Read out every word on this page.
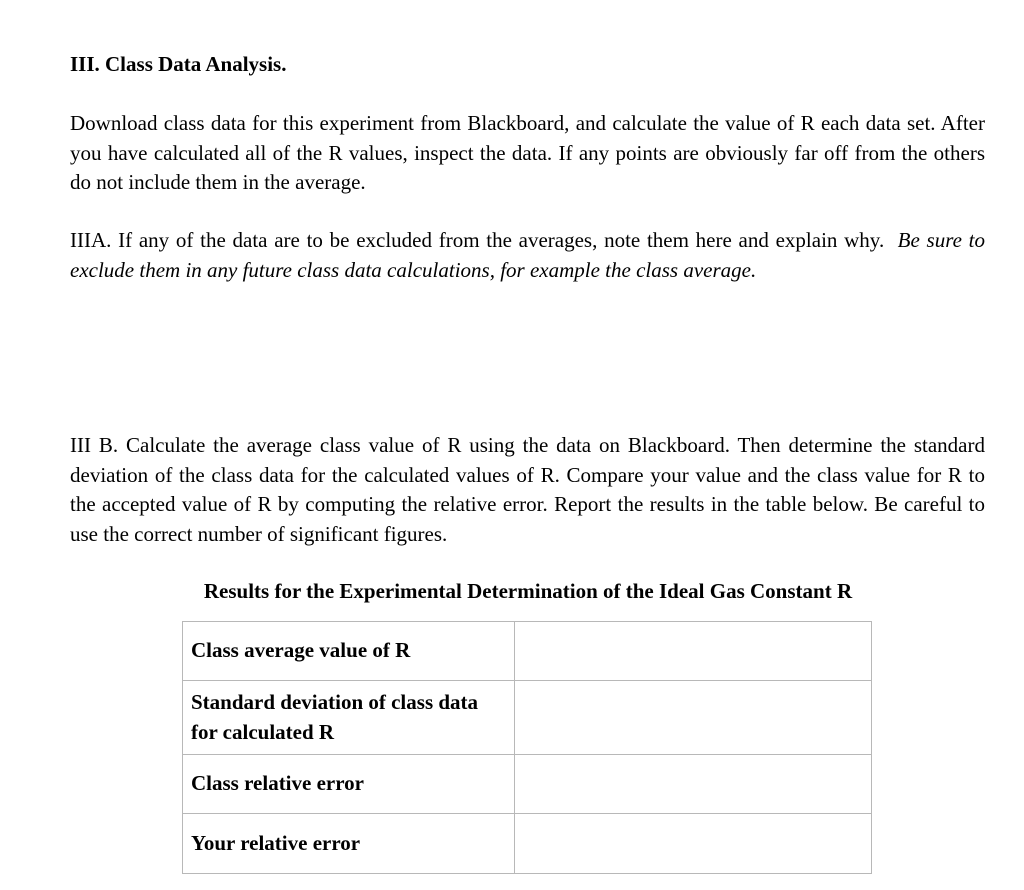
III. Class Data Analysis.

Download class data for this experiment from Blackboard, and calculate the value of R each data set. After you have calculated all of the R values, inspect the data. If any points are obviously far off from the others do not include them in the average.

IIIA. If any of the data are to be excluded from the averages, note them here and explain why. Be sure to exclude them in any future class data calculations, for example the class average.

III B. Calculate the average class value of R using the data on Blackboard. Then determine the standard deviation of the class data for the calculated values of R. Compare your value and the class value for R to the accepted value of R by computing the relative error. Report the results in the table below. Be careful to use the correct number of significant figures.

Results for the Experimental Determination of the Ideal Gas Constant R

Class average value of R	
Standard deviation of class data for calculated R	
Class relative error	
Your relative error	
